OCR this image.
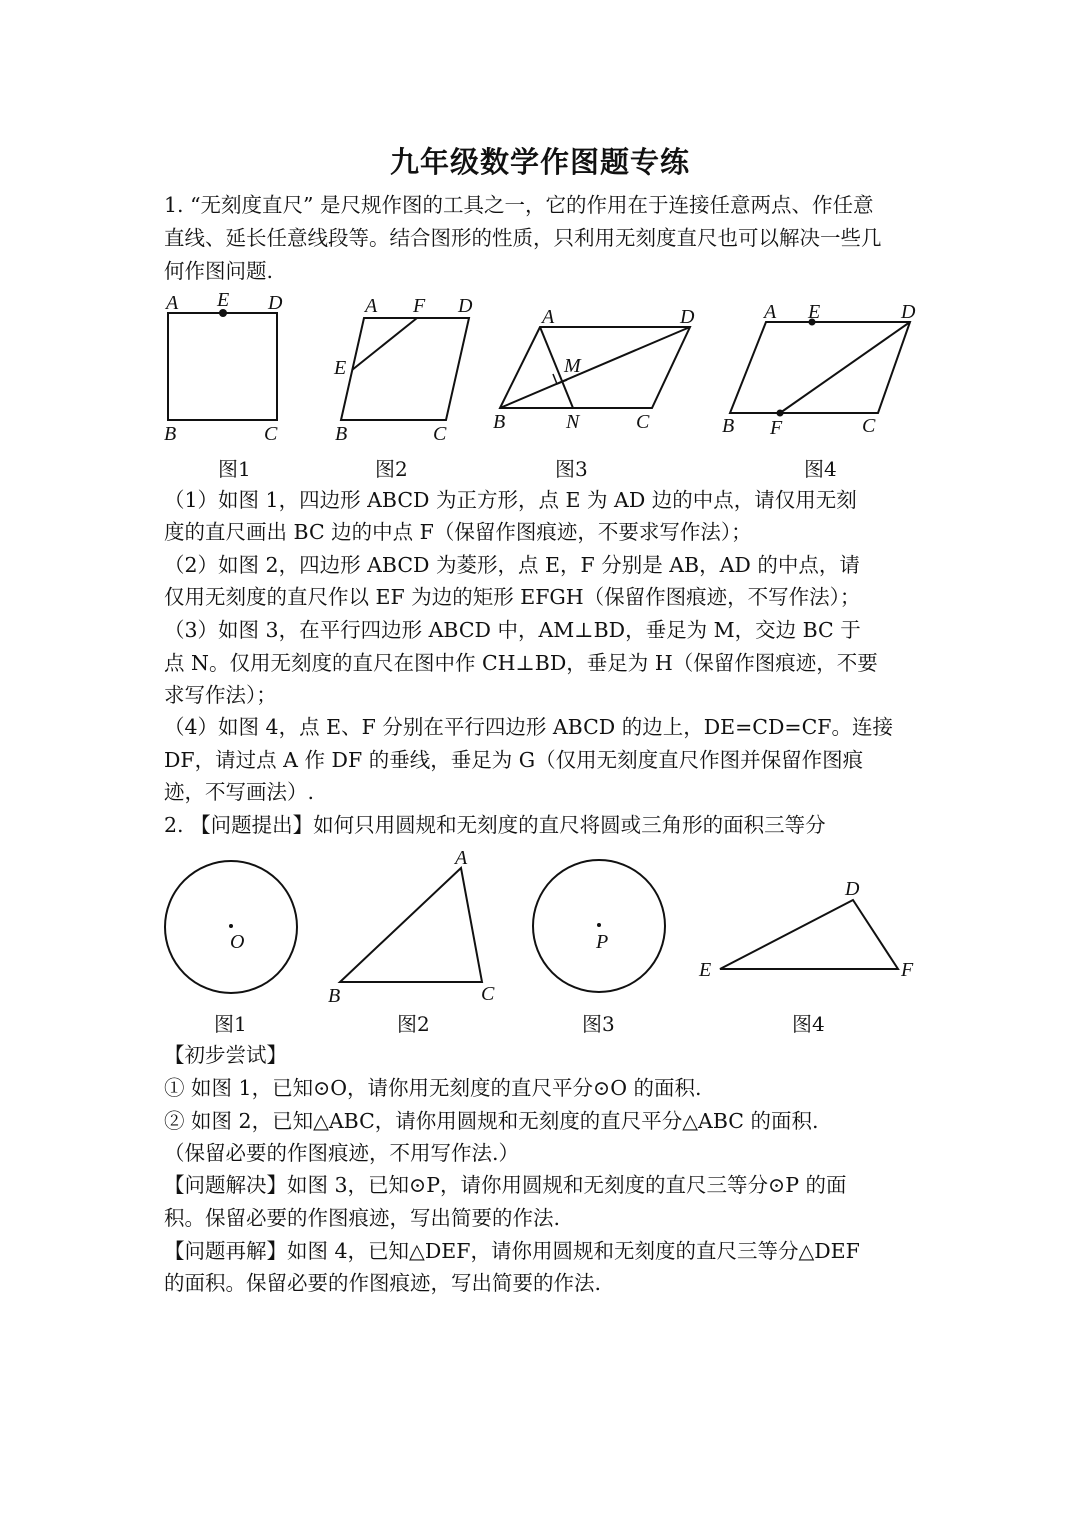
九年级数学作图题专练
1. “无刻度直尺” 是尺规作图的工具之一，它的作用在于连接任意两点、作任意
直线、延长任意线段等。结合图形的性质，只利用无刻度直尺也可以解决一些几
何作图问题.
A E D
B	C
A F D
E
B	C
A	D
M
B	N	C
A E	D
B F	C
O
A
B	C
P
D
E	F
图1	图2	图3	图4
（1）如图 1，四边形 ABCD 为正方形，点 E 为 AD 边的中点，请仅用无刻
度的直尺画出 BC 边的中点 F（保留作图痕迹，不要求写作法）；
（2）如图 2，四边形 ABCD 为菱形，点 E，F 分别是 AB，AD 的中点，请
仅用无刻度的直尺作以 EF 为边的矩形 EFGH（保留作图痕迹，不写作法）；
（3）如图 3，在平行四边形 ABCD 中，AM⊥BD，垂足为 M，交边 BC 于
点 N。仅用无刻度的直尺在图中作 CH⊥BD，垂足为 H（保留作图痕迹，不要
求写作法）；
（4）如图 4，点 E、F 分别在平行四边形 ABCD 的边上，DE=CD=CF。连接
DF，请过点 A 作 DF 的垂线，垂足为 G（仅用无刻度直尺作图并保留作图痕
迹，不写画法）.
2. 【问题提出】如何只用圆规和无刻度的直尺将圆或三角形的面积三等分
图1	图2	图3	图4
【初步尝试】
① 如图 1，已知⊙O，请你用无刻度的直尺平分⊙O 的面积.
② 如图 2，已知△ABC，请你用圆规和无刻度的直尺平分△ABC 的面积.
（保留必要的作图痕迹，不用写作法.）
【问题解决】如图 3，已知⊙P，请你用圆规和无刻度的直尺三等分⊙P 的面
积。保留必要的作图痕迹，写出简要的作法.
【问题再解】如图 4，已知△DEF，请你用圆规和无刻度的直尺三等分△DEF
的面积。保留必要的作图痕迹，写出简要的作法.
